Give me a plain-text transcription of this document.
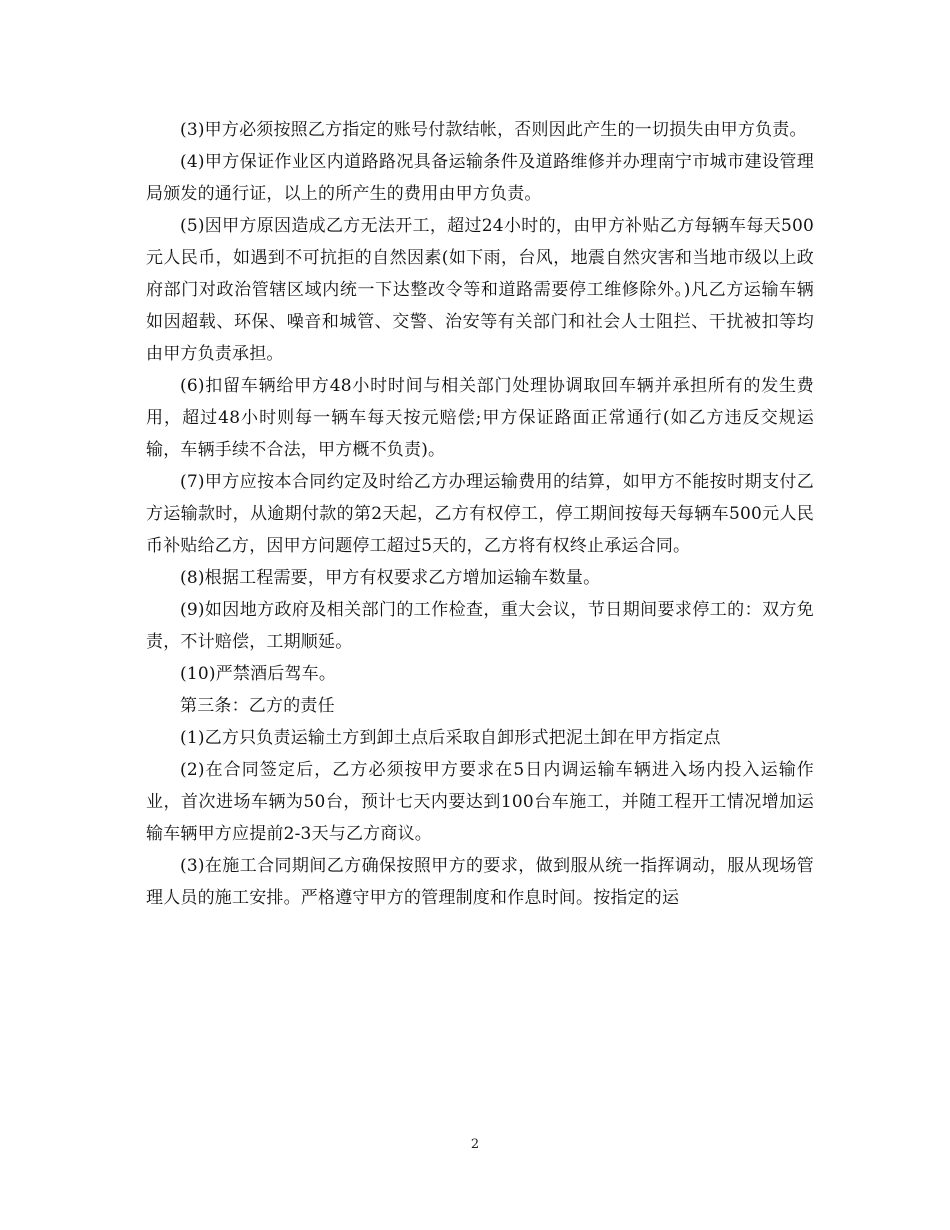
(3)甲方必须按照乙方指定的账号付款结帐，否则因此产生的一切损失由甲方负责。

(4)甲方保证作业区内道路路况具备运输条件及道路维修并办理南宁市城市建设管理局颁发的通行证，以上的所产生的费用由甲方负责。

(5)因甲方原因造成乙方无法开工，超过24小时的，由甲方补贴乙方每辆车每天500元人民币，如遇到不可抗拒的自然因素(如下雨，台风，地震自然灾害和当地市级以上政府部门对政治管辖区域内统一下达整改令等和道路需要停工维修除外。)凡乙方运输车辆如因超载、环保、噪音和城管、交警、治安等有关部门和社会人士阻拦、干扰被扣等均由甲方负责承担。

(6)扣留车辆给甲方48小时时间与相关部门处理协调取回车辆并承担所有的发生费用，超过48小时则每一辆车每天按元赔偿;甲方保证路面正常通行(如乙方违反交规运输，车辆手续不合法，甲方概不负责)。

(7)甲方应按本合同约定及时给乙方办理运输费用的结算，如甲方不能按时期支付乙方运输款时，从逾期付款的第2天起，乙方有权停工，停工期间按每天每辆车500元人民币补贴给乙方，因甲方问题停工超过5天的，乙方将有权终止承运合同。

(8)根据工程需要，甲方有权要求乙方增加运输车数量。

(9)如因地方政府及相关部门的工作检查，重大会议，节日期间要求停工的：双方免责，不计赔偿，工期顺延。

(10)严禁酒后驾车。

第三条：乙方的责任

(1)乙方只负责运输土方到卸土点后采取自卸形式把泥土卸在甲方指定点

(2)在合同签定后，乙方必须按甲方要求在5日内调运输车辆进入场内投入运输作业，首次进场车辆为50台，预计七天内要达到100台车施工，并随工程开工情况增加运输车辆甲方应提前2-3天与乙方商议。

(3)在施工合同期间乙方确保按照甲方的要求，做到服从统一指挥调动，服从现场管理人员的施工安排。严格遵守甲方的管理制度和作息时间。按指定的运

2
